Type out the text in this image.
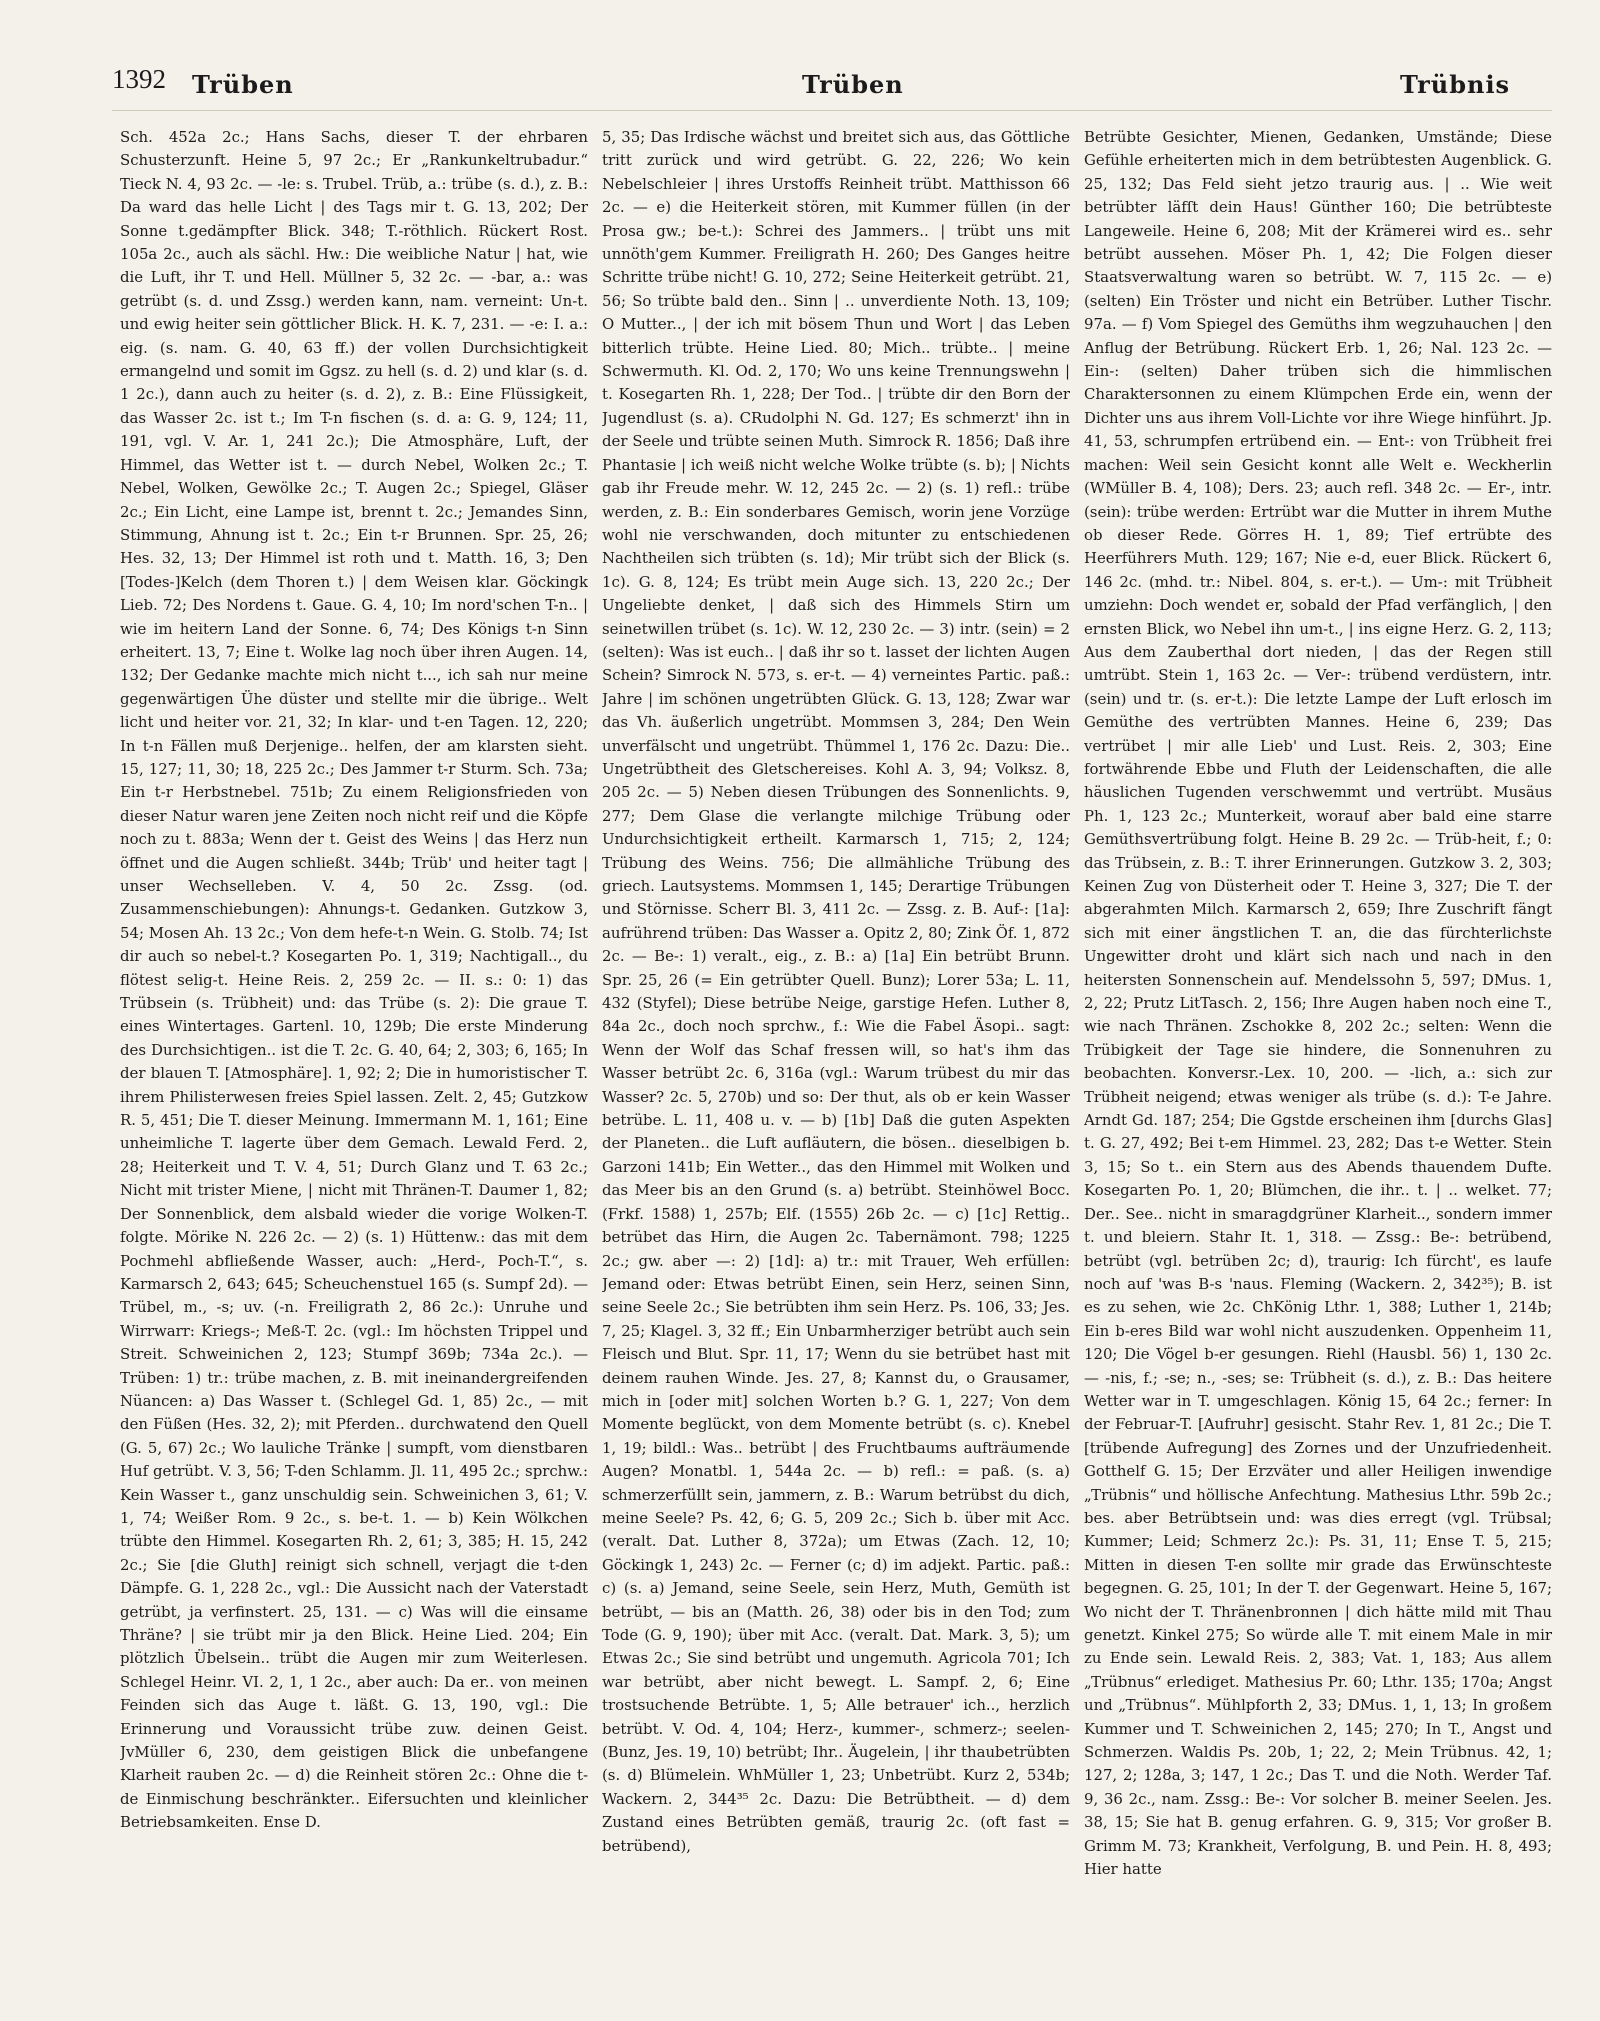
1392 Trüben	Trüben	Trübnis

Sch. 452a 2c.; Hans Sachs, dieser T. der ehrbaren Schusterzunft. Heine 5, 97 2c.; Er „Rankunkeltrubadur.“ Tieck N. 4, 93 2c. — -le: s. Trubel. Trüb, a.: trübe (s. d.), z. B.: Da ward das helle Licht | des Tags mir t. G. 13, 202; Der Sonne t.gedämpfter Blick. 348; T.-röthlich. Rückert Rost. 105a 2c., auch als sächl. Hw.: Die weibliche Natur | hat, wie die Luft, ihr T. und Hell. Müllner 5, 32 2c. — -bar, a.: was getrübt (s. d. und Zssg.) werden kann, nam. verneint: Un-t. und ewig heiter sein göttlicher Blick. H. K. 7, 231. — -e: I. a.: eig. (s. nam. G. 40, 63 ff.) der vollen Durchsichtigkeit ermangelnd und somit im Ggsz. zu hell (s. d. 2) und klar (s. d. 1 2c.), dann auch zu heiter (s. d. 2), z. B.: Eine Flüssigkeit, das Wasser 2c. ist t.; Im T-n fischen (s. d. a: G. 9, 124; 11, 191, vgl. V. Ar. 1, 241 2c.); Die Atmosphäre, Luft, der Himmel, das Wetter ist t. — durch Nebel, Wolken 2c.; T. Nebel, Wolken, Gewölke 2c.; T. Augen 2c.; Spiegel, Gläser 2c.; Ein Licht, eine Lampe ist, brennt t. 2c.; Jemandes Sinn, Stimmung, Ahnung ist t. 2c.; Ein t-r Brunnen. Spr. 25, 26; Hes. 32, 13; Der Himmel ist roth und t. Matth. 16, 3; Den [Todes-]Kelch (dem Thoren t.) | dem Weisen klar. Göckingk Lieb. 72; Des Nordens t. Gaue. G. 4, 10; Im nord'schen T-n.. | wie im heitern Land der Sonne. 6, 74; Des Königs t-n Sinn erheitert. 13, 7; Eine t. Wolke lag noch über ihren Augen. 14, 132; Der Gedanke machte mich nicht t..., ich sah nur meine gegenwärtigen Ühe düster und stellte mir die übrige.. Welt licht und heiter vor. 21, 32; In klar- und t-en Tagen. 12, 220; In t-n Fällen muß Derjenige.. helfen, der am klarsten sieht. 15, 127; 11, 30; 18, 225 2c.; Des Jammer t-r Sturm. Sch. 73a; Ein t-r Herbstnebel. 751b; Zu einem Religionsfrieden von dieser Natur waren jene Zeiten noch nicht reif und die Köpfe noch zu t. 883a; Wenn der t. Geist des Weins | das Herz nun öffnet und die Augen schließt. 344b; Trüb' und heiter tagt | unser Wechselleben. V. 4, 50 2c. Zssg. (od. Zusammenschiebungen): Ahnungs-t. Gedanken. Gutzkow 3, 54; Mosen Ah. 13 2c.; Von dem hefe-t-n Wein. G. Stolb. 74; Ist dir auch so nebel-t.? Kosegarten Po. 1, 319; Nachtigall.., du flötest selig-t. Heine Reis. 2, 259 2c. — II. s.: 0: 1) das Trübsein (s. Trübheit) und: das Trübe (s. 2): Die graue T. eines Wintertages. Gartenl. 10, 129b; Die erste Minderung des Durchsichtigen.. ist die T. 2c. G. 40, 64; 2, 303; 6, 165; In der blauen T. [Atmosphäre]. 1, 92; 2; Die in humoristischer T. ihrem Philisterwesen freies Spiel lassen. Zelt. 2, 45; Gutzkow R. 5, 451; Die T. dieser Meinung. Immermann M. 1, 161; Eine unheimliche T. lagerte über dem Gemach. Lewald Ferd. 2, 28; Heiterkeit und T. V. 4, 51; Durch Glanz und T. 63 2c.; Nicht mit trister Miene, | nicht mit Thränen-T. Daumer 1, 82; Der Sonnenblick, dem alsbald wieder die vorige Wolken-T. folgte. Mörike N. 226 2c. — 2) (s. 1) Hüttenw.: das mit dem Pochmehl abfließende Wasser, auch: „Herd-, Poch-T.“, s. Karmarsch 2, 643; 645; Scheuchenstuel 165 (s. Sumpf 2d). — Trübel, m., -s; uv. (-n. Freiligrath 2, 86 2c.): Unruhe und Wirrwarr: Kriegs-; Meß-T. 2c. (vgl.: Im höchsten Trippel und Streit. Schweinichen 2, 123; Stumpf 369b; 734a 2c.). — Trüben: 1) tr.: trübe machen, z. B. mit ineinandergreifenden Nüancen: a) Das Wasser t. (Schlegel Gd. 1, 85) 2c., — mit den Füßen (Hes. 32, 2); mit Pferden.. durchwatend den Quell (G. 5, 67) 2c.; Wo lauliche Tränke | sumpft, vom dienstbaren Huf getrübt. V. 3, 56; T-den Schlamm. Jl. 11, 495 2c.; sprchw.: Kein Wasser t., ganz unschuldig sein. Schweinichen 3, 61; V. 1, 74; Weißer Rom. 9 2c., s. be-t. 1. — b) Kein Wölkchen trübte den Himmel. Kosegarten Rh. 2, 61; 3, 385; H. 15, 242 2c.; Sie [die Gluth] reinigt sich schnell, verjagt die t-den Dämpfe. G. 1, 228 2c., vgl.: Die Aussicht nach der Vaterstadt getrübt, ja verfinstert. 25, 131. — c) Was will die einsame Thräne? | sie trübt mir ja den Blick. Heine Lied. 204; Ein plötzlich Übelsein.. trübt die Augen mir zum Weiterlesen. Schlegel Heinr. VI. 2, 1, 1 2c., aber auch: Da er.. von meinen Feinden sich das Auge t. läßt. G. 13, 190, vgl.: Die Erinnerung und Voraussicht trübe zuw. deinen Geist. JvMüller 6, 230, dem geistigen Blick die unbefangene Klarheit rauben 2c. — d) die Reinheit stören 2c.: Ohne die t-de Einmischung beschränkter.. Eifersuchten und kleinlicher Betriebsamkeiten. Ense D.

5, 35; Das Irdische wächst und breitet sich aus, das Göttliche tritt zurück und wird getrübt. G. 22, 226; Wo kein Nebelschleier | ihres Urstoffs Reinheit trübt. Matthisson 66 2c. — e) die Heiterkeit stören, mit Kummer füllen (in der Prosa gw.; be-t.): Schrei des Jammers.. | trübt uns mit unnöth'gem Kummer. Freiligrath H. 260; Des Ganges heitre Schritte trübe nicht! G. 10, 272; Seine Heiterkeit getrübt. 21, 56; So trübte bald den.. Sinn | .. unverdiente Noth. 13, 109; O Mutter.., | der ich mit bösem Thun und Wort | das Leben bitterlich trübte. Heine Lied. 80; Mich.. trübte.. | meine Schwermuth. Kl. Od. 2, 170; Wo uns keine Trennungswehn | t. Kosegarten Rh. 1, 228; Der Tod.. | trübte dir den Born der Jugendlust (s. a). CRudolphi N. Gd. 127; Es schmerzt' ihn in der Seele und trübte seinen Muth. Simrock R. 1856; Daß ihre Phantasie | ich weiß nicht welche Wolke trübte (s. b); | Nichts gab ihr Freude mehr. W. 12, 245 2c. — 2) (s. 1) refl.: trübe werden, z. B.: Ein sonderbares Gemisch, worin jene Vorzüge wohl nie verschwanden, doch mitunter zu entschiedenen Nachtheilen sich trübten (s. 1d); Mir trübt sich der Blick (s. 1c). G. 8, 124; Es trübt mein Auge sich. 13, 220 2c.; Der Ungeliebte denket, | daß sich des Himmels Stirn um seinetwillen trübet (s. 1c). W. 12, 230 2c. — 3) intr. (sein) = 2 (selten): Was ist euch.. | daß ihr so t. lasset der lichten Augen Schein? Simrock N. 573, s. er-t. — 4) verneintes Partic. paß.: Jahre | im schönen ungetrübten Glück. G. 13, 128; Zwar war das Vh. äußerlich ungetrübt. Mommsen 3, 284; Den Wein unverfälscht und ungetrübt. Thümmel 1, 176 2c. Dazu: Die.. Ungetrübtheit des Gletschereises. Kohl A. 3, 94; Volksz. 8, 205 2c. — 5) Neben diesen Trübungen des Sonnenlichts. 9, 277; Dem Glase die verlangte milchige Trübung oder Undurchsichtigkeit ertheilt. Karmarsch 1, 715; 2, 124; Trübung des Weins. 756; Die allmähliche Trübung des griech. Lautsystems. Mommsen 1, 145; Derartige Trübungen und Störnisse. Scherr Bl. 3, 411 2c. — Zssg. z. B. Auf-: [1a]: aufrührend trüben: Das Wasser a. Opitz 2, 80; Zink Öf. 1, 872 2c. — Be-: 1) veralt., eig., z. B.: a) [1a] Ein betrübt Brunn. Spr. 25, 26 (= Ein getrübter Quell. Bunz); Lorer 53a; L. 11, 432 (Styfel); Diese betrübe Neige, garstige Hefen. Luther 8, 84a 2c., doch noch sprchw., f.: Wie die Fabel Äsopi.. sagt: Wenn der Wolf das Schaf fressen will, so hat's ihm das Wasser betrübt 2c. 6, 316a (vgl.: Warum trübest du mir das Wasser? 2c. 5, 270b) und so: Der thut, als ob er kein Wasser betrübe. L. 11, 408 u. v. — b) [1b] Daß die guten Aspekten der Planeten.. die Luft aufläutern, die bösen.. dieselbigen b. Garzoni 141b; Ein Wetter.., das den Himmel mit Wolken und das Meer bis an den Grund (s. a) betrübt. Steinhöwel Bocc. (Frkf. 1588) 1, 257b; Elf. (1555) 26b 2c. — c) [1c] Rettig.. betrübet das Hirn, die Augen 2c. Tabernämont. 798; 1225 2c.; gw. aber —: 2) [1d]: a) tr.: mit Trauer, Weh erfüllen: Jemand oder: Etwas betrübt Einen, sein Herz, seinen Sinn, seine Seele 2c.; Sie betrübten ihm sein Herz. Ps. 106, 33; Jes. 7, 25; Klagel. 3, 32 ff.; Ein Unbarmherziger betrübt auch sein Fleisch und Blut. Spr. 11, 17; Wenn du sie betrübet hast mit deinem rauhen Winde. Jes. 27, 8; Kannst du, o Grausamer, mich in [oder mit] solchen Worten b.? G. 1, 227; Von dem Momente beglückt, von dem Momente betrübt (s. c). Knebel 1, 19; bildl.: Was.. betrübt | des Fruchtbaums aufträumende Augen? Monatbl. 1, 544a 2c. — b) refl.: = paß. (s. a) schmerzerfüllt sein, jammern, z. B.: Warum betrübst du dich, meine Seele? Ps. 42, 6; G. 5, 209 2c.; Sich b. über mit Acc. (veralt. Dat. Luther 8, 372a); um Etwas (Zach. 12, 10; Göckingk 1, 243) 2c. — Ferner (c; d) im adjekt. Partic. paß.: c) (s. a) Jemand, seine Seele, sein Herz, Muth, Gemüth ist betrübt, — bis an (Matth. 26, 38) oder bis in den Tod; zum Tode (G. 9, 190); über mit Acc. (veralt. Dat. Mark. 3, 5); um Etwas 2c.; Sie sind betrübt und ungemuth. Agricola 701; Ich war betrübt, aber nicht bewegt. L. Sampf. 2, 6; Eine trostsuchende Betrübte. 1, 5; Alle betrauer' ich.., herzlich betrübt. V. Od. 4, 104; Herz-, kummer-, schmerz-; seelen- (Bunz, Jes. 19, 10) betrübt; Ihr.. Äugelein, | ihr thaubetrübten (s. d) Blümelein. WhMüller 1, 23; Unbetrübt. Kurz 2, 534b; Wackern. 2, 344³⁵ 2c. Dazu: Die Betrübtheit. — d) dem Zustand eines Betrübten gemäß, traurig 2c. (oft fast = betrübend),

Betrübte Gesichter, Mienen, Gedanken, Umstände; Diese Gefühle erheiterten mich in dem betrübtesten Augenblick. G. 25, 132; Das Feld sieht jetzo traurig aus. | .. Wie weit betrübter läfſt dein Haus! Günther 160; Die betrübteste Langeweile. Heine 6, 208; Mit der Krämerei wird es.. sehr betrübt aussehen. Möser Ph. 1, 42; Die Folgen dieser Staatsverwaltung waren so betrübt. W. 7, 115 2c. — e) (selten) Ein Tröster und nicht ein Betrüber. Luther Tischr. 97a. — f) Vom Spiegel des Gemüths ihm wegzuhauchen | den Anflug der Betrübung. Rückert Erb. 1, 26; Nal. 123 2c. — Ein-: (selten) Daher trüben sich die himmlischen Charaktersonnen zu einem Klümpchen Erde ein, wenn der Dichter uns aus ihrem Voll-Lichte vor ihre Wiege hinführt. Jp. 41, 53, schrumpfen ertrübend ein. — Ent-: von Trübheit frei machen: Weil sein Gesicht konnt alle Welt e. Weckherlin (WMüller B. 4, 108); Ders. 23; auch refl. 348 2c. — Er-, intr. (sein): trübe werden: Ertrübt war die Mutter in ihrem Muthe ob dieser Rede. Görres H. 1, 89; Tief ertrübte des Heerführers Muth. 129; 167; Nie e-d, euer Blick. Rückert 6, 146 2c. (mhd. tr.: Nibel. 804, s. er-t.). — Um-: mit Trübheit umziehn: Doch wendet er, sobald der Pfad verfänglich, | den ernsten Blick, wo Nebel ihn um-t., | ins eigne Herz. G. 2, 113; Aus dem Zauberthal dort nieden, | das der Regen still umtrübt. Stein 1, 163 2c. — Ver-: trübend verdüstern, intr. (sein) und tr. (s. er-t.): Die letzte Lampe der Luft erlosch im Gemüthe des vertrübten Mannes. Heine 6, 239; Das vertrübet | mir alle Lieb' und Lust. Reis. 2, 303; Eine fortwährende Ebbe und Fluth der Leidenschaften, die alle häuslichen Tugenden verschwemmt und vertrübt. Musäus Ph. 1, 123 2c.; Munterkeit, worauf aber bald eine starre Gemüthsvertrübung folgt. Heine B. 29 2c. — Trüb-heit, f.; 0: das Trübsein, z. B.: T. ihrer Erinnerungen. Gutzkow 3. 2, 303; Keinen Zug von Düsterheit oder T. Heine 3, 327; Die T. der abgerahmten Milch. Karmarsch 2, 659; Ihre Zuschrift fängt sich mit einer ängstlichen T. an, die das fürchterlichste Ungewitter droht und klärt sich nach und nach in den heitersten Sonnenschein auf. Mendelssohn 5, 597; DMus. 1, 2, 22; Prutz LitTasch. 2, 156; Ihre Augen haben noch eine T., wie nach Thränen. Zschokke 8, 202 2c.; selten: Wenn die Trübigkeit der Tage sie hindere, die Sonnenuhren zu beobachten. Konversr.-Lex. 10, 200. — -lich, a.: sich zur Trübheit neigend; etwas weniger als trübe (s. d.): T-e Jahre. Arndt Gd. 187; 254; Die Ggstde erscheinen ihm [durchs Glas] t. G. 27, 492; Bei t-em Himmel. 23, 282; Das t-e Wetter. Stein 3, 15; So t.. ein Stern aus des Abends thauendem Dufte. Kosegarten Po. 1, 20; Blümchen, die ihr.. t. | .. welket. 77; Der.. See.. nicht in smaragdgrüner Klarheit.., sondern immer t. und bleiern. Stahr It. 1, 318. — Zssg.: Be-: betrübend, betrübt (vgl. betrüben 2c; d), traurig: Ich fürcht', es laufe noch auf 'was B-s 'naus. Fleming (Wackern. 2, 342³⁵); B. ist es zu sehen, wie 2c. ChKönig Lthr. 1, 388; Luther 1, 214b; Ein b-eres Bild war wohl nicht auszudenken. Oppenheim 11, 120; Die Vögel b-er gesungen. Riehl (Hausbl. 56) 1, 130 2c. — -nis, f.; -se; n., -ses; se: Trübheit (s. d.), z. B.: Das heitere Wetter war in T. umgeschlagen. König 15, 64 2c.; ferner: In der Februar-T. [Aufruhr] gesischt. Stahr Rev. 1, 81 2c.; Die T. [trübende Aufregung] des Zornes und der Unzufriedenheit. Gotthelf G. 15; Der Erzväter und aller Heiligen inwendige „Trübnis“ und höllische Anfechtung. Mathesius Lthr. 59b 2c.; bes. aber Betrübtsein und: was dies erregt (vgl. Trübsal; Kummer; Leid; Schmerz 2c.): Ps. 31, 11; Ense T. 5, 215; Mitten in diesen T-en sollte mir grade das Erwünschteste begegnen. G. 25, 101; In der T. der Gegenwart. Heine 5, 167; Wo nicht der T. Thränenbronnen | dich hätte mild mit Thau genetzt. Kinkel 275; So würde alle T. mit einem Male in mir zu Ende sein. Lewald Reis. 2, 383; Vat. 1, 183; Aus allem „Trübnus“ erlediget. Mathesius Pr. 60; Lthr. 135; 170a; Angst und „Trübnus“. Mühlpforth 2, 33; DMus. 1, 1, 13; In großem Kummer und T. Schweinichen 2, 145; 270; In T., Angst und Schmerzen. Waldis Ps. 20b, 1; 22, 2; Mein Trübnus. 42, 1; 127, 2; 128a, 3; 147, 1 2c.; Das T. und die Noth. Werder Taf. 9, 36 2c., nam. Zssg.: Be-: Vor solcher B. meiner Seelen. Jes. 38, 15; Sie hat B. genug erfahren. G. 9, 315; Vor großer B. Grimm M. 73; Krankheit, Verfolgung, B. und Pein. H. 8, 493; Hier hatte
